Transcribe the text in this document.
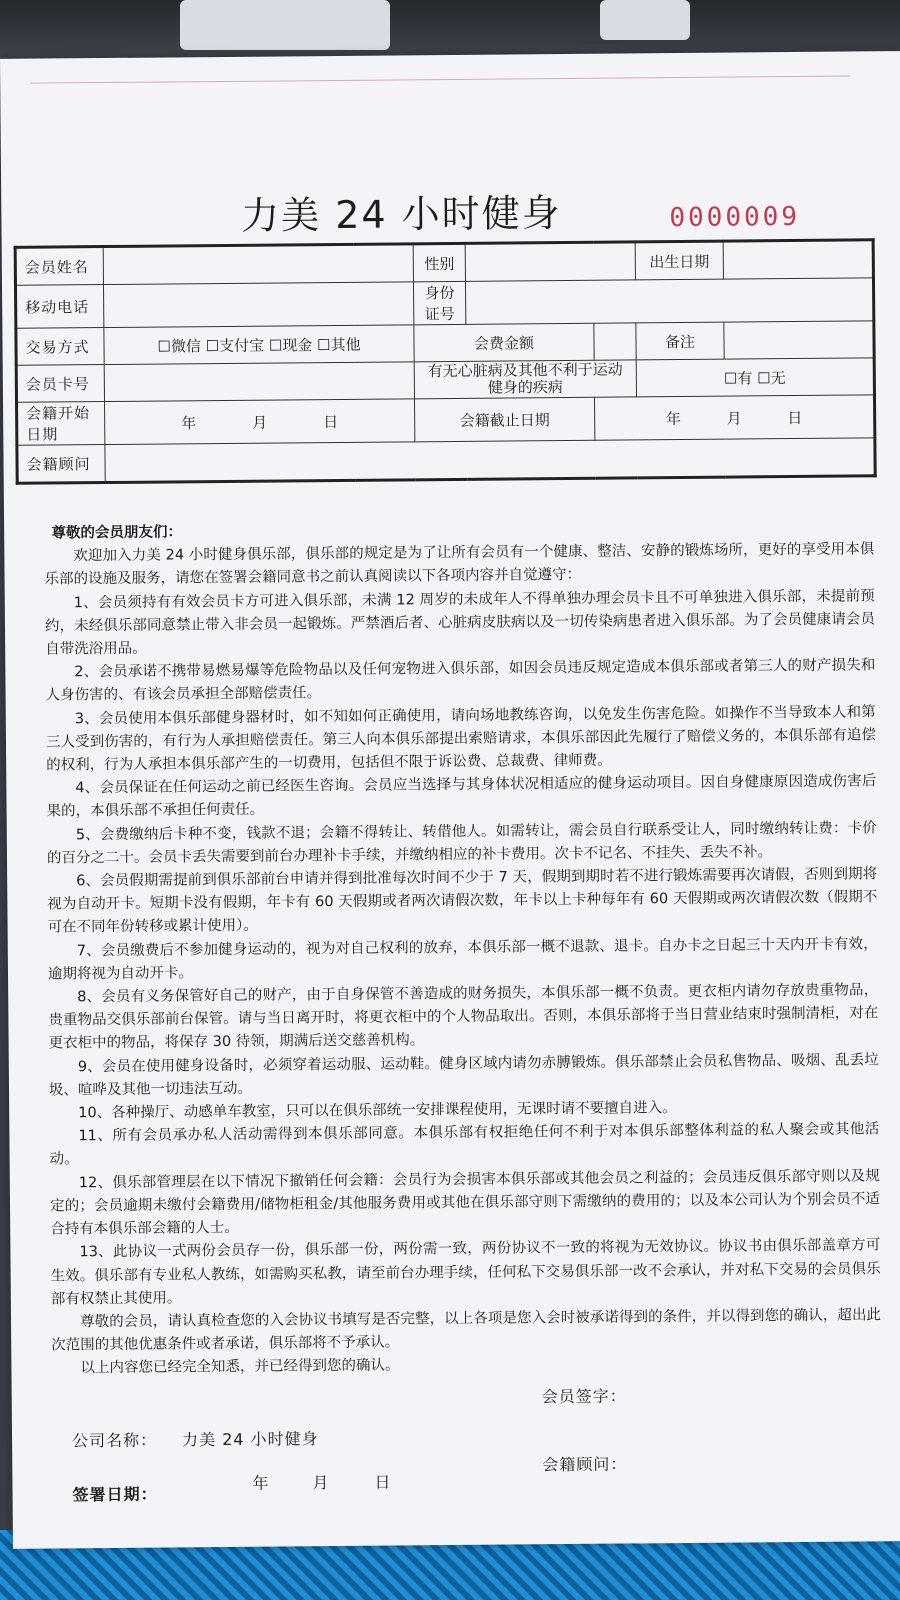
力美 24 小时健身	0000009
会员姓名		性别			出生日期	
移动电话		身份证号				
交易方式	☐微信 ☐支付宝 ☐现金 ☐其他	会费金额			备注	
会员卡号		有无心脏病及其他不利于运动健身的疾病			☐有 ☐无	
会籍开始日期	年 月 日	会籍截止日期		年 月 日		

会籍顾问						

尊敬的会员朋友们：

欢迎加入力美 24 小时健身俱乐部，俱乐部的规定是为了让所有会员有一个健康、整洁、安静的锻炼场所，更好的享受用本俱乐部的设施及服务，请您在签署会籍同意书之前认真阅读以下各项内容并自觉遵守：

1、会员须持有有效会员卡方可进入俱乐部，未满 12 周岁的未成年人不得单独办理会员卡且不可单独进入俱乐部，未提前预约，未经俱乐部同意禁止带入非会员一起锻炼。严禁酒后者、心脏病皮肤病以及一切传染病患者进入俱乐部。为了会员健康请会员自带洗浴用品。

2、会员承诺不携带易燃易爆等危险物品以及任何宠物进入俱乐部，如因会员违反规定造成本俱乐部或者第三人的财产损失和人身伤害的、有该会员承担全部赔偿责任。

3、会员使用本俱乐部健身器材时，如不知如何正确使用，请向场地教练咨询，以免发生伤害危险。如操作不当导致本人和第三人受到伤害的，有行为人承担赔偿责任。第三人向本俱乐部提出索赔请求，本俱乐部因此先履行了赔偿义务的，本俱乐部有追偿的权利，行为人承担本俱乐部产生的一切费用，包括但不限于诉讼费、总裁费、律师费。

4、会员保证在任何运动之前已经医生咨询。会员应当选择与其身体状况相适应的健身运动项目。因自身健康原因造成伤害后果的，本俱乐部不承担任何责任。

5、会费缴纳后卡种不变，钱款不退；会籍不得转让、转借他人。如需转让，需会员自行联系受让人，同时缴纳转让费：卡价的百分之二十。会员卡丢失需要到前台办理补卡手续，并缴纳相应的补卡费用。次卡不记名、不挂失、丢失不补。

6、会员假期需提前到俱乐部前台申请并得到批准每次时间不少于 7 天，假期到期时若不进行锻炼需要再次请假，否则到期将视为自动开卡。短期卡没有假期，年卡有 60 天假期或者两次请假次数，年卡以上卡种每年有 60 天假期或两次请假次数（假期不可在不同年份转移或累计使用）。

7、会员缴费后不参加健身运动的，视为对自己权利的放弃，本俱乐部一概不退款、退卡。自办卡之日起三十天内开卡有效，逾期将视为自动开卡。

8、会员有义务保管好自己的财产，由于自身保管不善造成的财务损失，本俱乐部一概不负责。更衣柜内请勿存放贵重物品，贵重物品交俱乐部前台保管。请与当日离开时，将更衣柜中的个人物品取出。否则，本俱乐部将于当日营业结束时强制清柜，对在更衣柜中的物品，将保存 30 待领，期满后送交慈善机构。

9、会员在使用健身设备时，必须穿着运动服、运动鞋。健身区域内请勿赤膊锻炼。俱乐部禁止会员私售物品、吸烟、乱丢垃圾、喧哗及其他一切违法互动。

10、各种操厅、动感单车教室，只可以在俱乐部统一安排课程使用，无课时请不要擅自进入。

11、所有会员承办私人活动需得到本俱乐部同意。本俱乐部有权拒绝任何不利于对本俱乐部整体利益的私人聚会或其他活动。

12、俱乐部管理层在以下情况下撤销任何会籍：会员行为会损害本俱乐部或其他会员之利益的；会员违反俱乐部守则以及规定的；会员逾期未缴付会籍费用/储物柜租金/其他服务费用或其他在俱乐部守则下需缴纳的费用的；以及本公司认为个别会员不适合持有本俱乐部会籍的人士。

13、此协议一式两份会员存一份，俱乐部一份，两份需一致，两份协议不一致的将视为无效协议。协议书由俱乐部盖章方可生效。俱乐部有专业私人教练，如需购买私教，请至前台办理手续，任何私下交易俱乐部一改不会承认，并对私下交易的会员俱乐部有权禁止其使用。

尊敬的会员，请认真检查您的入会协议书填写是否完整，以上各项是您入会时被承诺得到的条件，并以得到您的确认，超出此次范围的其他优惠条件或者承诺，俱乐部将不予承认。

以上内容您已经完全知悉，并已经得到您的确认。

会员签字：
公司名称： 力美 24 小时健身
会籍顾问：
签署日期：
年	月	日
